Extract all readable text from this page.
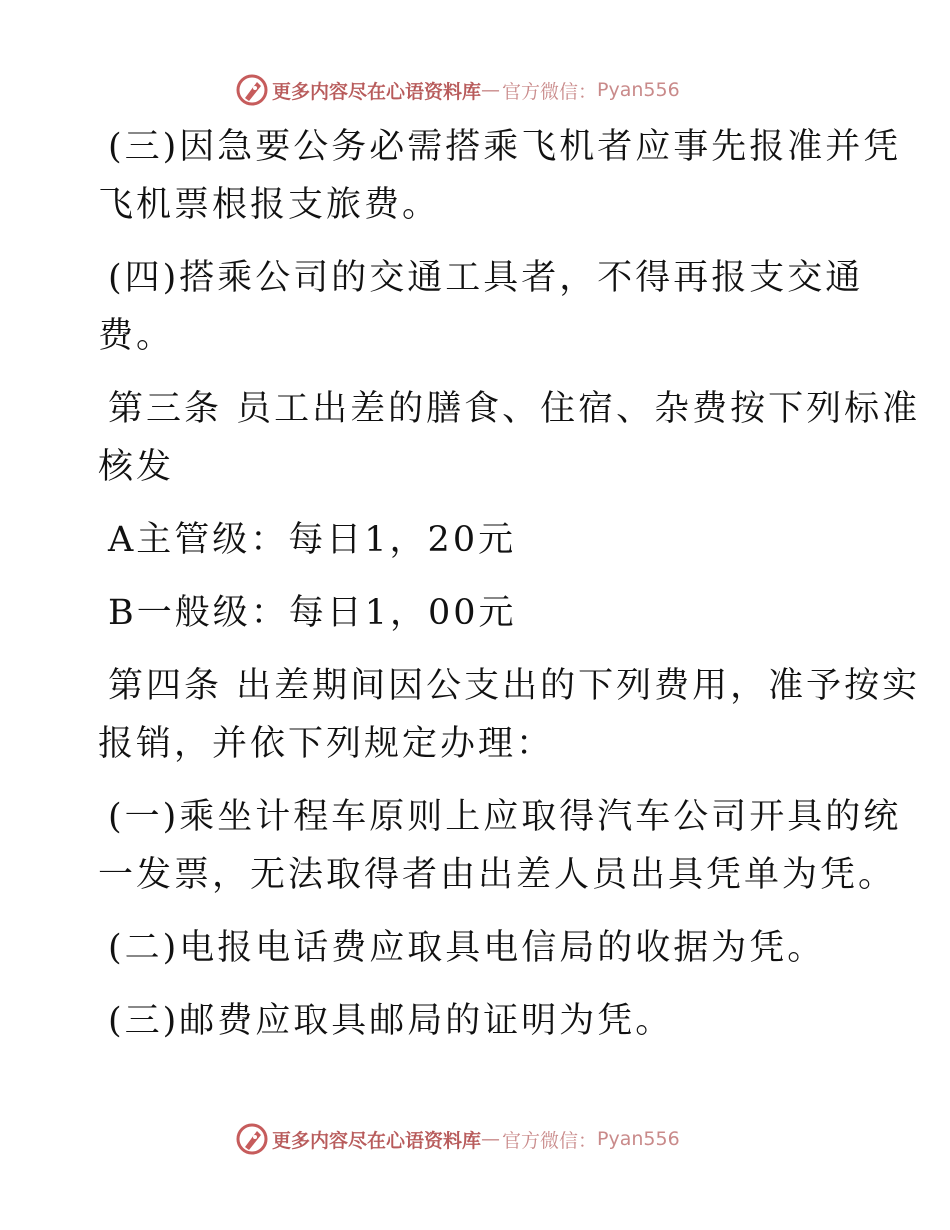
更多内容尽在心语资料库 — 官方微信： Pyan556

(三)因急要公务必需搭乘飞机者应事先报准并凭
飞机票根报支旅费。

(四)搭乘公司的交通工具者，不得再报支交通
费。

第三条 员工出差的膳食、住宿、杂费按下列标准
核发

A主管级：每日1，20元

B一般级：每日1，00元

第四条 出差期间因公支出的下列费用，准予按实
报销，并依下列规定办理：

(一)乘坐计程车原则上应取得汽车公司开具的统
一发票，无法取得者由出差人员出具凭单为凭。

(二)电报电话费应取具电信局的收据为凭。

(三)邮费应取具邮局的证明为凭。

更多内容尽在心语资料库 — 官方微信： Pyan556
